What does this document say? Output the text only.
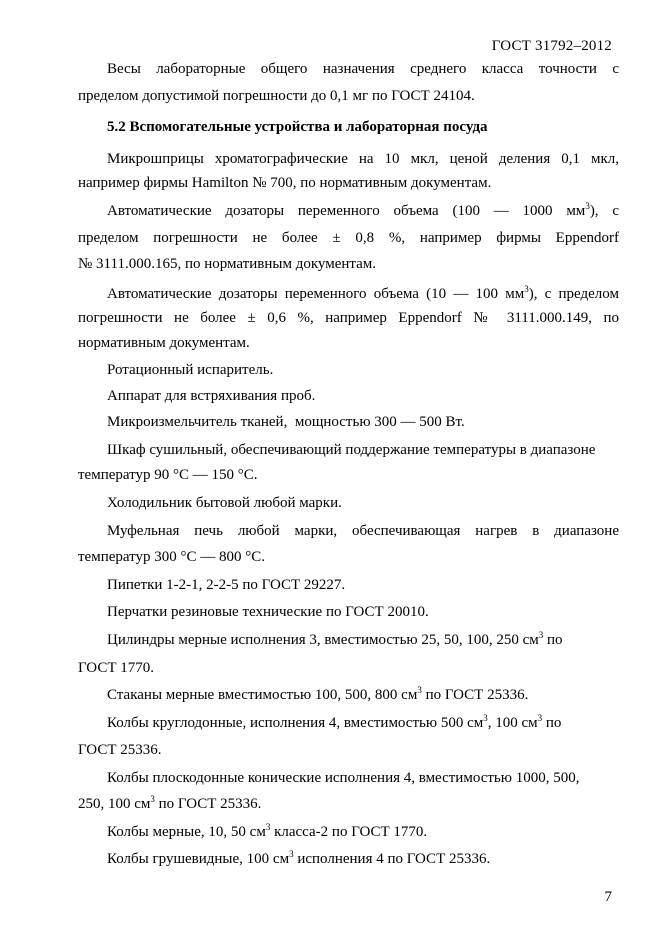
ГОСТ 31792–2012

Весы лабораторные общего назначения среднего класса точности с

пределом допустимой погрешности до 0,1 мг по ГОСТ 24104.

5.2 Вспомогательные устройства и лабораторная посуда

Микрошприцы хроматографические на 10 мкл, ценой деления 0,1 мкл,

например фирмы Hamilton № 700, по нормативным документам.

Автоматические дозаторы переменного объема (100 — 1000 $мм^3$), с

пределом погрешности не более ± 0,8 %, например фирмы Eppendorf

№ 3111.000.165, по нормативным документам.

Автоматические дозаторы переменного объема (10 — 100 $мм^3$), с пределом

погрешности не более ± 0,6 %, например Eppendorf № 3111.000.149, по

нормативным документам.

Ротационный испаритель.

Аппарат для встряхивания проб.

Микроизмельчитель тканей,  мощностью 300 — 500 Вт.

Шкаф сушильный, обеспечивающий поддержание температуры в диапазоне

температур 90 °С — 150 °С.

Холодильник бытовой любой марки.

Муфельная печь любой марки, обеспечивающая нагрев в диапазоне

температур 300 °С — 800 °С.

Пипетки 1-2-1, 2-2-5 по ГОСТ 29227.

Перчатки резиновые технические по ГОСТ 20010.

Цилиндры мерные исполнения 3, вместимостью 25, 50, 100, 250 $см^3$ по

ГОСТ 1770.

Стаканы мерные вместимостью 100, 500, 800 $см^3$ по ГОСТ 25336.

Колбы круглодонные, исполнения 4, вместимостью 500 $см^3$, 100 $см^3$ по

ГОСТ 25336.

Колбы плоскодонные конические исполнения 4, вместимостью 1000, 500,

250, 100 $см^3$ по ГОСТ 25336.

Колбы мерные, 10, 50 $см^3$ класса-2 по ГОСТ 1770.

Колбы грушевидные, 100 $см^3$ исполнения 4 по ГОСТ 25336.

7
